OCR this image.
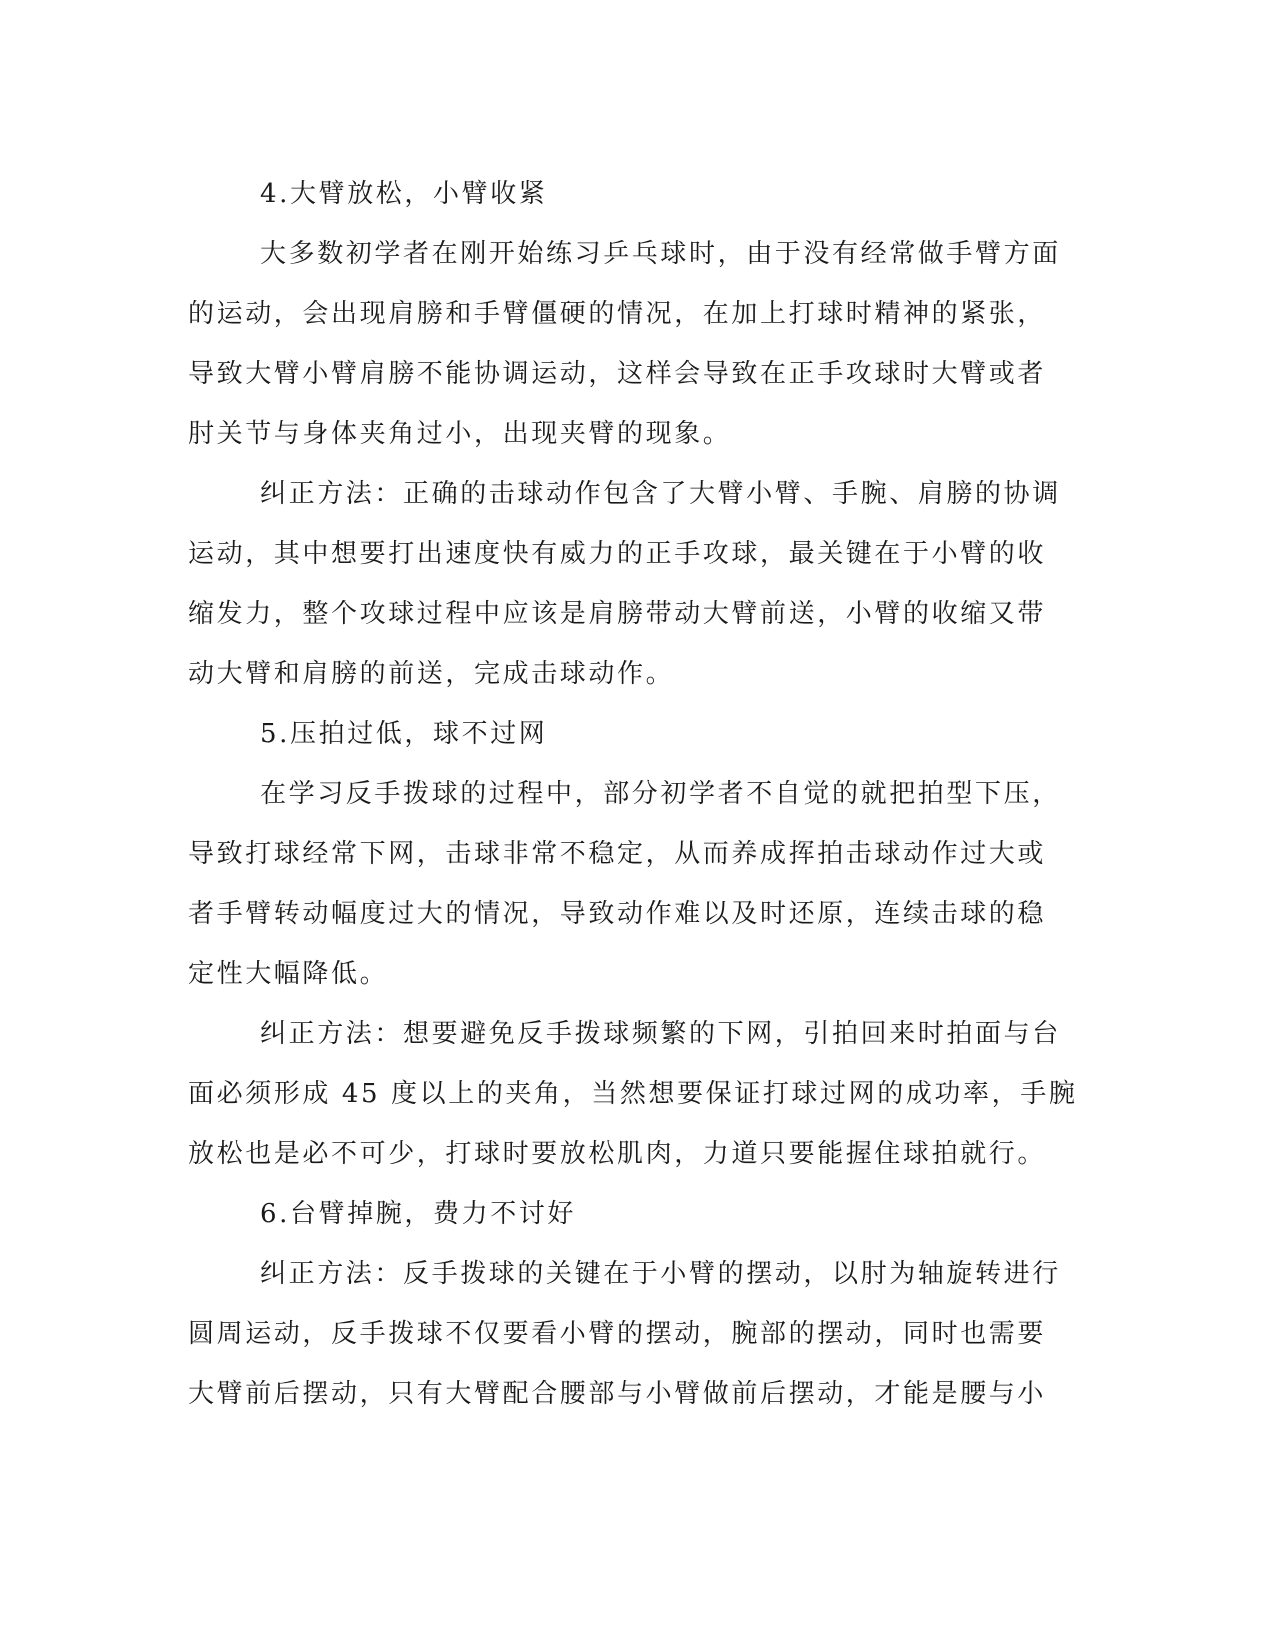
4.大臂放松，小臂收紧
大多数初学者在刚开始练习乒乓球时，由于没有经常做手臂方面
的运动，会出现肩膀和手臂僵硬的情况，在加上打球时精神的紧张，
导致大臂小臂肩膀不能协调运动，这样会导致在正手攻球时大臂或者
肘关节与身体夹角过小，出现夹臂的现象。
纠正方法：正确的击球动作包含了大臂小臂、手腕、肩膀的协调
运动，其中想要打出速度快有威力的正手攻球，最关键在于小臂的收
缩发力，整个攻球过程中应该是肩膀带动大臂前送，小臂的收缩又带
动大臂和肩膀的前送，完成击球动作。
5.压拍过低，球不过网
在学习反手拨球的过程中，部分初学者不自觉的就把拍型下压，
导致打球经常下网，击球非常不稳定，从而养成挥拍击球动作过大或
者手臂转动幅度过大的情况，导致动作难以及时还原，连续击球的稳
定性大幅降低。
纠正方法：想要避免反手拨球频繁的下网，引拍回来时拍面与台
面必须形成 45 度以上的夹角，当然想要保证打球过网的成功率，手腕
放松也是必不可少，打球时要放松肌肉，力道只要能握住球拍就行。
6.台臂掉腕，费力不讨好
纠正方法：反手拨球的关键在于小臂的摆动，以肘为轴旋转进行
圆周运动，反手拨球不仅要看小臂的摆动，腕部的摆动，同时也需要
大臂前后摆动，只有大臂配合腰部与小臂做前后摆动，才能是腰与小
